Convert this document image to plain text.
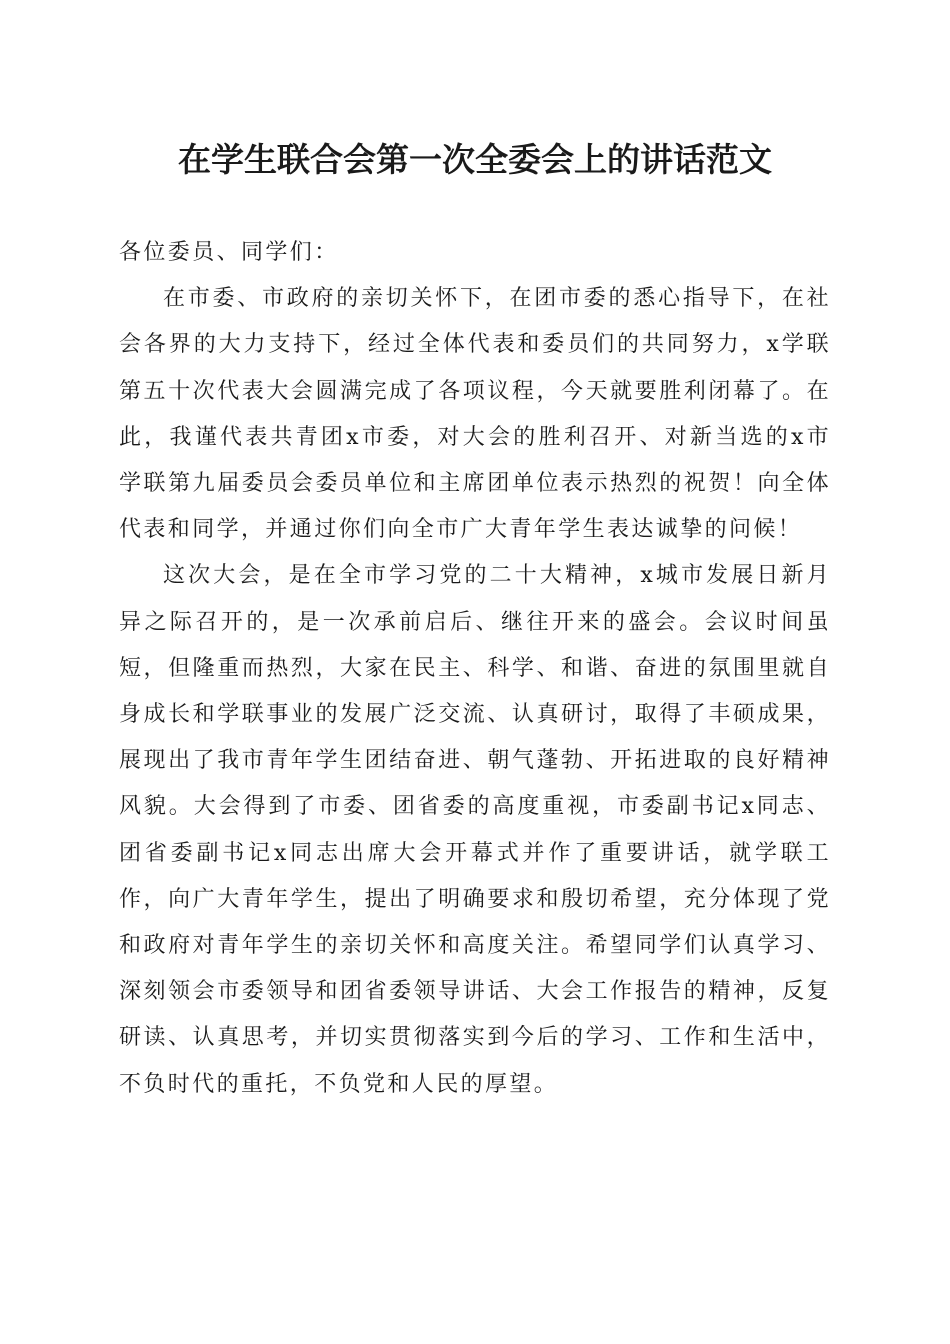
在学生联合会第一次全委会上的讲话范文

各位委员、同学们：

在市委、市政府的亲切关怀下，在团市委的悉心指导下，在社会各界的大力支持下，经过全体代表和委员们的共同努力，x学联第五十次代表大会圆满完成了各项议程，今天就要胜利闭幕了。在此，我谨代表共青团x市委，对大会的胜利召开、对新当选的x市学联第九届委员会委员单位和主席团单位表示热烈的祝贺！向全体代表和同学，并通过你们向全市广大青年学生表达诚挚的问候！

这次大会，是在全市学习党的二十大精神，x城市发展日新月异之际召开的，是一次承前启后、继往开来的盛会。会议时间虽短，但隆重而热烈，大家在民主、科学、和谐、奋进的氛围里就自身成长和学联事业的发展广泛交流、认真研讨，取得了丰硕成果，展现出了我市青年学生团结奋进、朝气蓬勃、开拓进取的良好精神风貌。大会得到了市委、团省委的高度重视，市委副书记x同志、团省委副书记x同志出席大会开幕式并作了重要讲话，就学联工作，向广大青年学生，提出了明确要求和殷切希望，充分体现了党和政府对青年学生的亲切关怀和高度关注。希望同学们认真学习、深刻领会市委领导和团省委领导讲话、大会工作报告的精神，反复研读、认真思考，并切实贯彻落实到今后的学习、工作和生活中，不负时代的重托，不负党和人民的厚望。
